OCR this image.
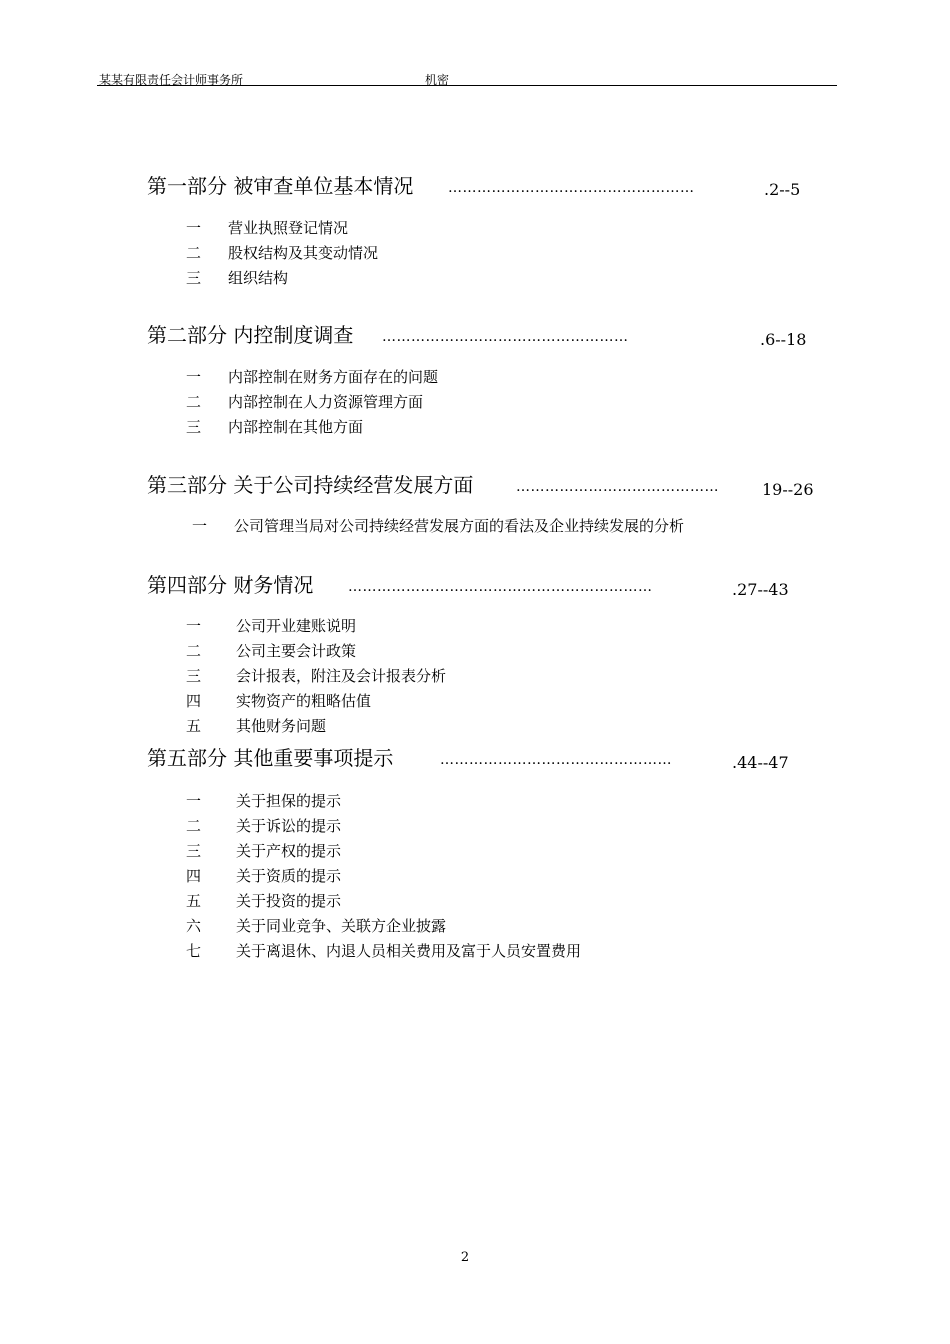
某某有限责任会计师事务所	机密
第一部分 被审查单位基本情况 ……………………………………………	.2--5
一 营业执照登记情况
二 股权结构及其变动情况
三 组织结构
第二部分 内控制度调查 ……………………………………………	.6--18
一 内部控制在财务方面存在的问题
二 内部控制在人力资源管理方面
三 内部控制在其他方面
第三部分 关于公司持续经营发展方面	……………………………………	19--26
一 公司管理当局对公司持续经营发展方面的看法及企业持续发展的分析
第四部分 财务情况 ………………………………………………………	.27--43
一 公司开业建账说明
二 公司主要会计政策
三 会计报表，附注及会计报表分析
四 实物资产的粗略估值
五 其他财务问题
第五部分 其他重要事项提示	…………………………………………	.44--47
一 关于担保的提示
二 关于诉讼的提示
三 关于产权的提示
四 关于资质的提示
五 关于投资的提示
六 关于同业竞争、关联方企业披露
七 关于离退休、内退人员相关费用及富于人员安置费用
2
